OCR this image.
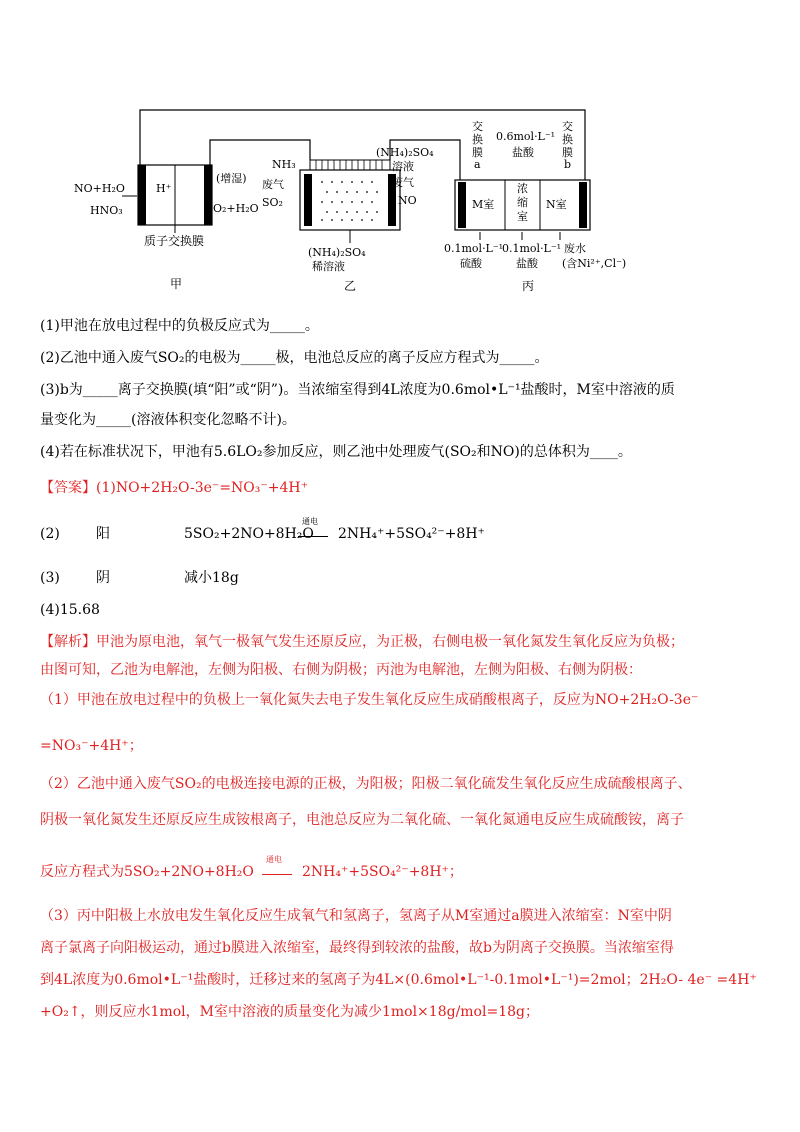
H⁺
NO+H₂O
HNO₃
(增湿)
O₂+H₂O
质子交换膜
甲
NH₃
废气
SO₂
(NH₄)₂SO₄
溶液
废气
NO
(NH₄)₂SO₄
稀溶液
乙
交
换
膜
a
0.6mol·L⁻¹
盐酸
交
换
膜
b
M室
浓
缩
室
N室
0.1mol·L⁻¹
硫酸
0.1mol·L⁻¹
盐酸
废水
(含Ni²⁺,Cl⁻)
丙
(1)甲池在放电过程中的负极反应式为_____。
(2)乙池中通入废气SO₂的电极为_____极，电池总反应的离子反应方程式为_____。
(3)b为_____离子交换膜(填“阳”或“阴”)。当浓缩室得到4L浓度为0.6mol•L⁻¹盐酸时，M室中溶液的质
量变化为_____(溶液体积变化忽略不计)。
(4)若在标准状况下，甲池有5.6LO₂参加反应，则乙池中处理废气(SO₂和NO)的总体积为____。
【答案】(1)NO+2H₂O-3e⁻=NO₃⁻+4H⁺
(2)	阳	5SO₂+2NO+8H₂O
通电
2NH₄⁺+5SO₄²⁻+8H⁺
(3)	阴	减小18g
(4)15.68
【解析】甲池为原电池，氧气一极氧气发生还原反应，为正极，右侧电极一氧化氮发生氧化反应为负极；
由图可知，乙池为电解池，左侧为阳极、右侧为阴极；丙池为电解池，左侧为阳极、右侧为阴极：
（1）甲池在放电过程中的负极上一氧化氮失去电子发生氧化反应生成硝酸根离子，反应为NO+2H₂O-3e⁻
=NO₃⁻+4H⁺；
（2）乙池中通入废气SO₂的电极连接电源的正极，为阳极；阳极二氧化硫发生氧化反应生成硫酸根离子、
阴极一氧化氮发生还原反应生成铵根离子，电池总反应为二氧化硫、一氧化氮通电反应生成硫酸铵，离子
反应方程式为5SO₂+2NO+8H₂O
通电
2NH₄⁺+5SO₄²⁻+8H⁺；
（3）丙中阳极上水放电发生氧化反应生成氧气和氢离子，氢离子从M室通过a膜进入浓缩室：N室中阴
离子氯离子向阳极运动，通过b膜进入浓缩室，最终得到较浓的盐酸，故b为阴离子交换膜。当浓缩室得
到4L浓度为0.6mol•L⁻¹盐酸时，迁移过来的氢离子为4L×(0.6mol•L⁻¹-0.1mol•L⁻¹)=2mol；2H₂O- 4e⁻ =4H⁺
+O₂↑，则反应水1mol，M室中溶液的质量变化为减少1mol×18g/mol=18g；
